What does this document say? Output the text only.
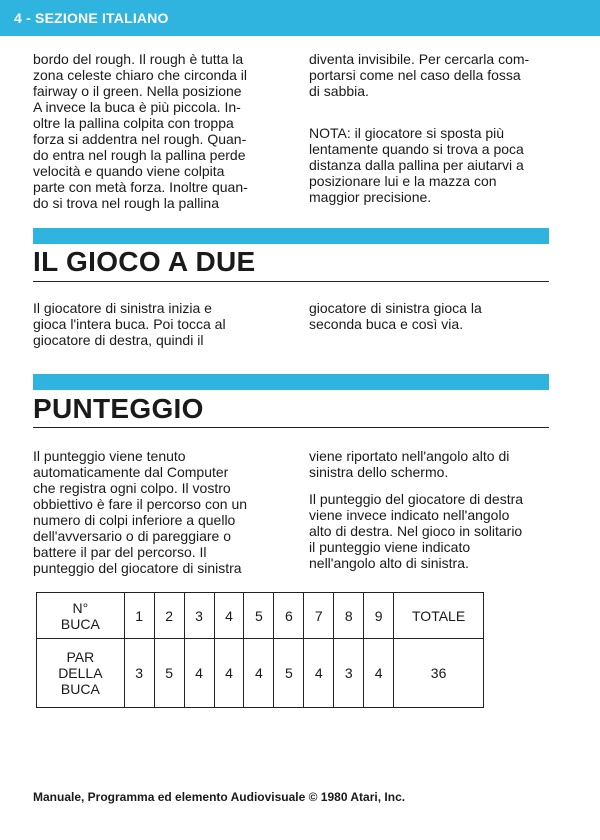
4 - SEZIONE ITALIANO

bordo del rough. Il rough è tutta la
zona celeste chiaro che circonda il
fairway o il green. Nella posizione
A invece la buca è più piccola. In-
oltre la pallina colpita con troppa
forza si addentra nel rough. Quan-
do entra nel rough la pallina perde
velocità e quando viene colpita
parte con metà forza. Inoltre quan-
do si trova nel rough la pallina

diventa invisibile. Per cercarla com-
portarsi come nel caso della fossa
di sabbia.

NOTA: il giocatore si sposta più
lentamente quando si trova a poca
distanza dalla pallina per aiutarvi a
posizionare lui e la mazza con
maggior precisione.

IL GIOCO A DUE

Il giocatore di sinistra inizia e
gioca l'intera buca. Poi tocca al
giocatore di destra, quindi il

giocatore di sinistra gioca la
seconda buca e così via.

PUNTEGGIO

Il punteggio viene tenuto
automaticamente dal Computer
che registra ogni colpo. Il vostro
obbiettivo è fare il percorso con un
numero di colpi inferiore a quello
dell'avversario o di pareggiare o
battere il par del percorso. Il
punteggio del giocatore di sinistra

viene riportato nell'angolo alto di
sinistra dello schermo.

Il punteggio del giocatore di destra
viene invece indicato nell'angolo
alto di destra. Nel gioco in solitario
il punteggio viene indicato
nell'angolo alto di sinistra.

N°
BUCA	1	2	3	4	5	6	7	8	9	TOTALE
PAR
DELLA
BUCA	3	5	4	4	4	5	4	3	4	36
Manuale, Programma ed elemento Audiovisuale © 1980 Atari, Inc.
